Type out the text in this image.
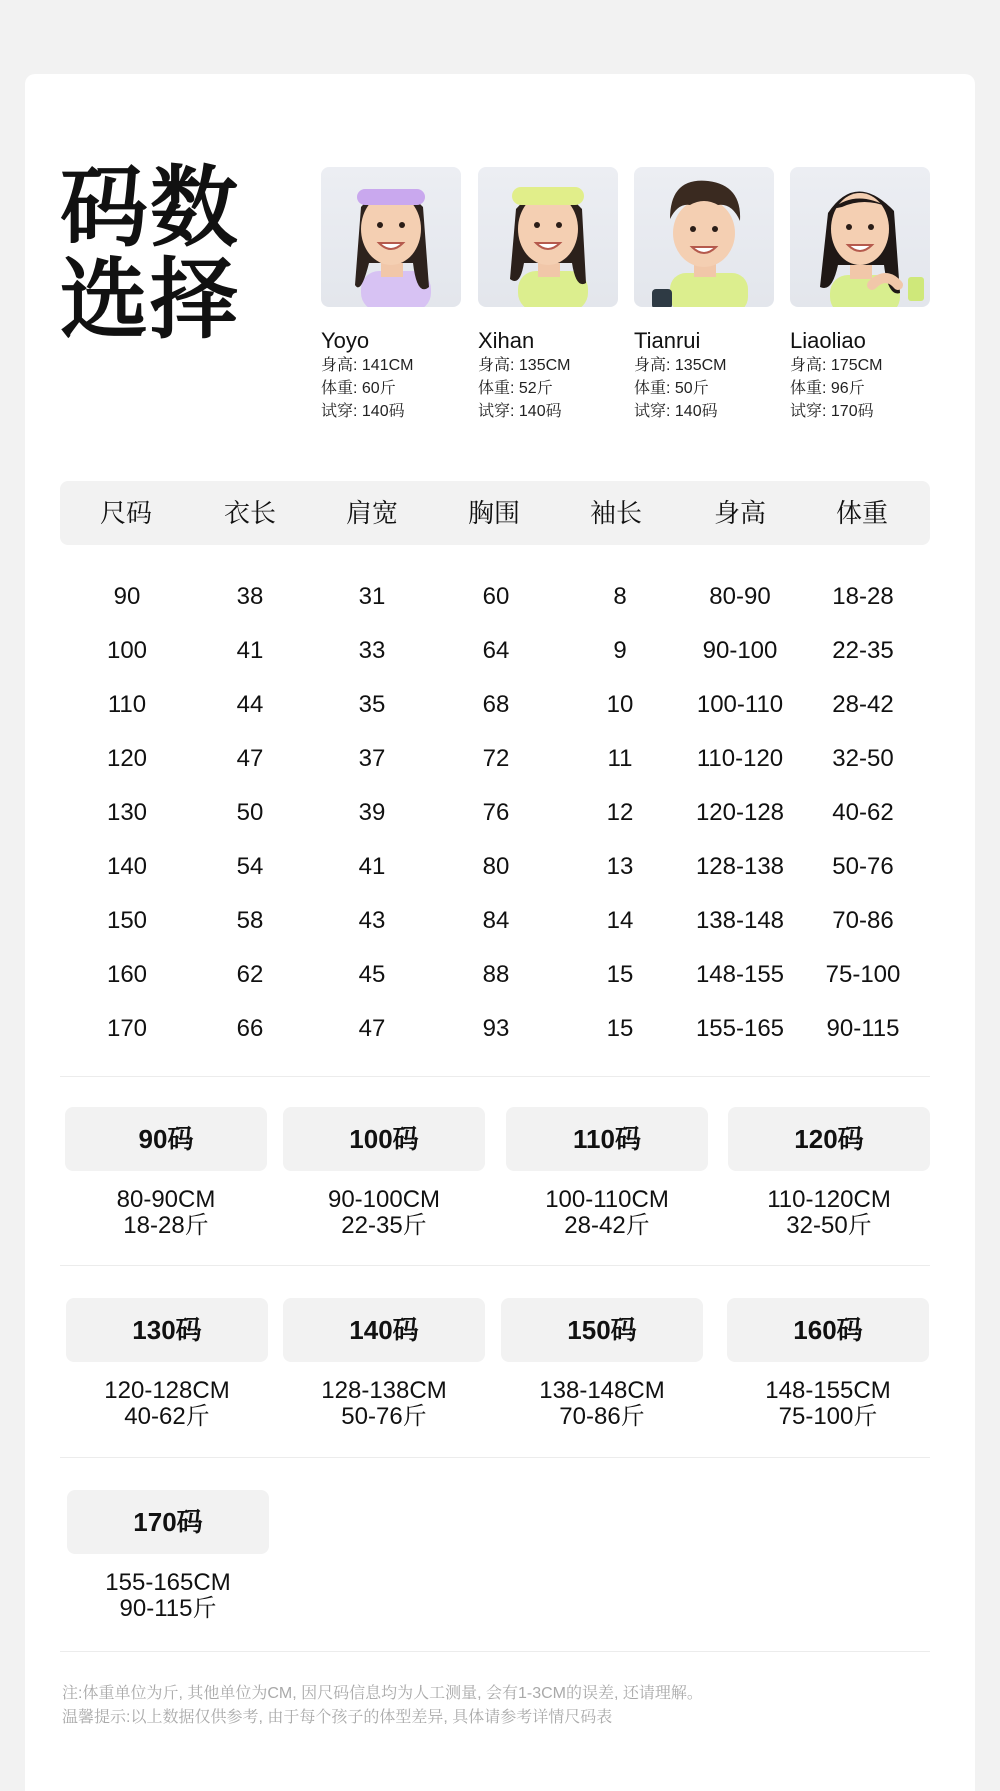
码数
选择	Yoyo
身高: 141CM
体重: 60斤
试穿: 140码
Xihan
身高: 135CM
体重: 52斤
试穿: 140码
Tianrui
身高: 135CM
体重: 50斤
试穿: 140码
Liaoliao
身高: 175CM
体重: 96斤
试穿: 170码
尺码	衣长	肩宽	胸围	袖长	身高	体重
90	38	31	60	8	80-90	18-28
100	41	33	64	9	90-100	22-35
110	44	35	68	10	100-110	28-42
120	47	37	72	11	110-120	32-50
130	50	39	76	12	120-128	40-62
140	54	41	80	13	128-138	50-76
150	58	43	84	14	138-148	70-86
160	62	45	88	15	148-155	75-100
170	66	47	93	15	155-165	90-115
90码
80-90CM
18-28斤
100码
90-100CM
22-35斤
110码
100-110CM
28-42斤
120码
110-120CM
32-50斤
130码
120-128CM
40-62斤
140码
128-138CM
50-76斤
150码
138-148CM
70-86斤
160码
148-155CM
75-100斤
170码
155-165CM
90-115斤
注:体重单位为斤, 其他单位为CM, 因尺码信息均为人工测量, 会有1-3CM的误差, 还请理解。
温馨提示:以上数据仅供参考, 由于每个孩子的体型差异, 具体请参考详情尺码表
